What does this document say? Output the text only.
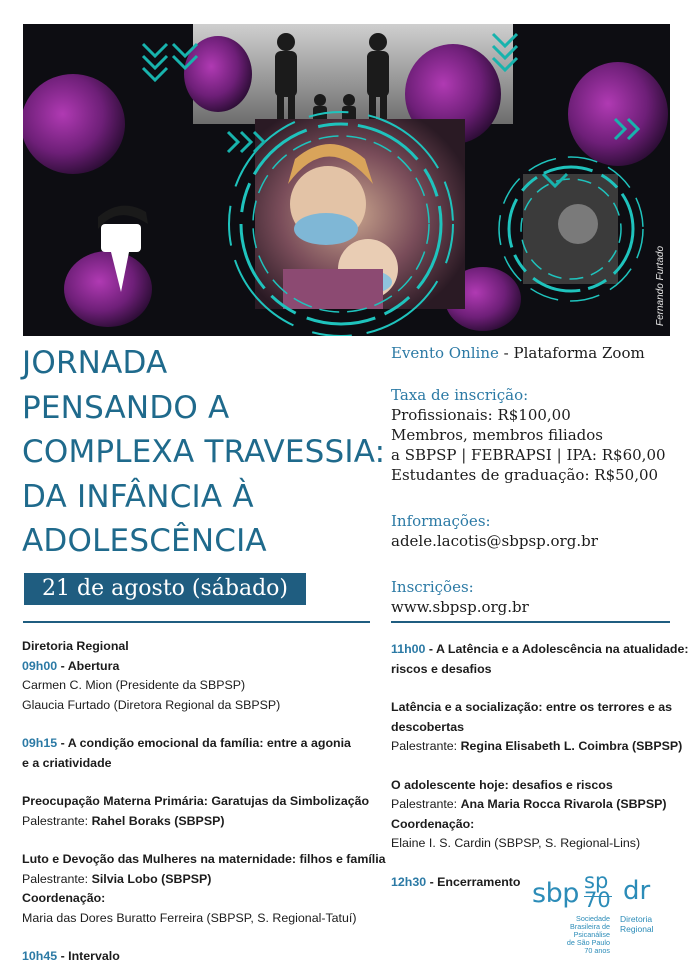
Fernando Furtado
JORNADA
PENSANDO A
COMPLEXA TRAVESSIA:
DA INFÂNCIA À
ADOLESCÊNCIA
21 de agosto (sábado)
Evento Online - Plataforma Zoom
Taxa de inscrição:
Profissionais: R$100,00
Membros, membros filiados
a SBPSP | FEBRAPSI | IPA: R$60,00
Estudantes de graduação: R$50,00
Informações:
adele.lacotis@sbpsp.org.br
Inscrições:
www.sbpsp.org.br
Diretoria Regional
09h00 - Abertura
Carmen C. Mion (Presidente da SBPSP)
Glaucia Furtado (Diretora Regional da SBPSP)
09h15 - A condição emocional da família: entre a agonia
e a criatividade
Preocupação Materna Primária: Garatujas da Simbolização
Palestrante: Rahel Boraks (SBPSP)
Luto e Devoção das Mulheres na maternidade: filhos e família
Palestrante: Silvia Lobo (SBPSP)
Coordenação:
Maria das Dores Buratto Ferreira (SBPSP, S. Regional-Tatuí)
10h45 - Intervalo
11h00 - A Latência e a Adolescência na atualidade:
riscos e desafios
Latência e a socialização: entre os terrores e as
descobertas
Palestrante: Regina Elisabeth L. Coimbra (SBPSP)
O adolescente hoje: desafios e riscos
Palestrante: Ana Maria Rocca Rivarola (SBPSP)
Coordenação:
Elaine I. S. Cardin (SBPSP, S. Regional-Lins)
12h30 - Encerramento sbp sp
70 dr
Sociedade
Brasileira de
Psicanálise
de São Paulo
70 anos
Diretoria
Regional
